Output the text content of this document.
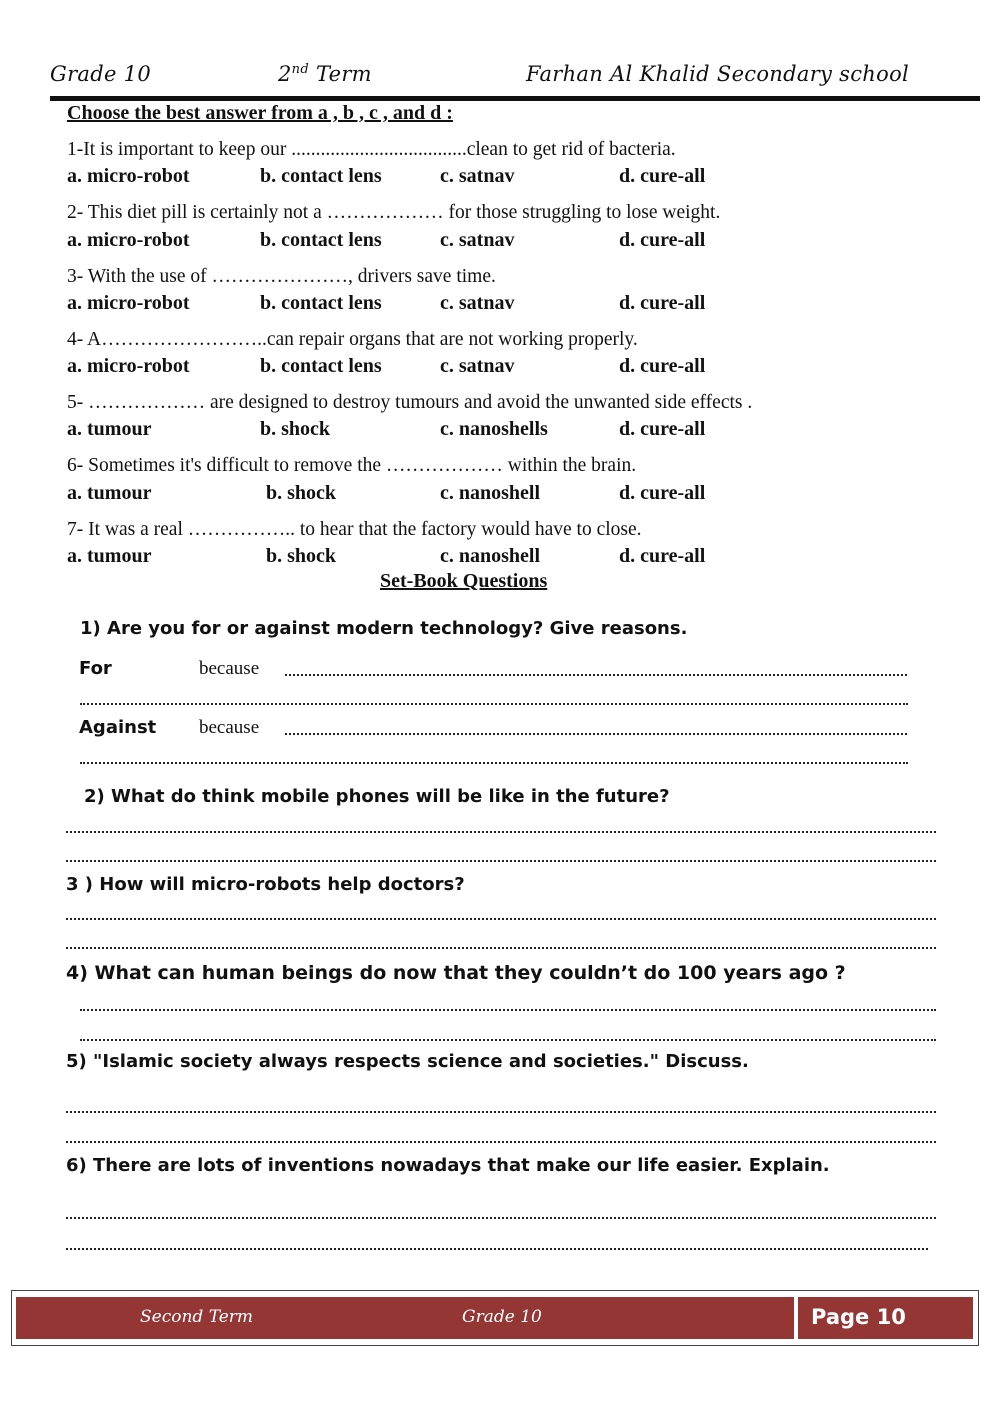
Grade 10	2nd Term	Farhan Al Khalid Secondary school
Choose the best answer from a , b , c , and d :
1-It is important to keep our ....................................clean to get rid of bacteria.
a. micro-robot	b. contact lens	c. satnav	d. cure-all
2- This diet pill is certainly not a ……………… for those struggling to lose weight.
a. micro-robot	b. contact lens	c. satnav	d. cure-all
3- With the use of …………………, drivers save time.
a. micro-robot	b. contact lens	c. satnav	d. cure-all
4- A……………………..can repair organs that are not working properly.
a. micro-robot	b. contact lens	c. satnav	d. cure-all
5- ……………… are designed to destroy tumours and avoid the unwanted side effects .
a. tumour	b. shock	c. nanoshells	d. cure-all
6- Sometimes it's difficult to remove the ……………… within the brain.
a. tumour	b. shock	c. nanoshell	d. cure-all
7- It was a real …………….. to hear that the factory would have to close.
a. tumour	b. shock	c. nanoshell	d. cure-all
Set-Book Questions
1) Are you for or against modern technology? Give reasons.
For	because
Against because
2) What do think mobile phones will be like in the future?
3 ) How will micro-robots help doctors?
4) What can human beings do now that they couldn’t do 100 years ago ?
5) "Islamic society always respects science and societies." Discuss.
6) There are lots of inventions nowadays that make our life easier. Explain.
Second Term	Grade 10	Page 10
